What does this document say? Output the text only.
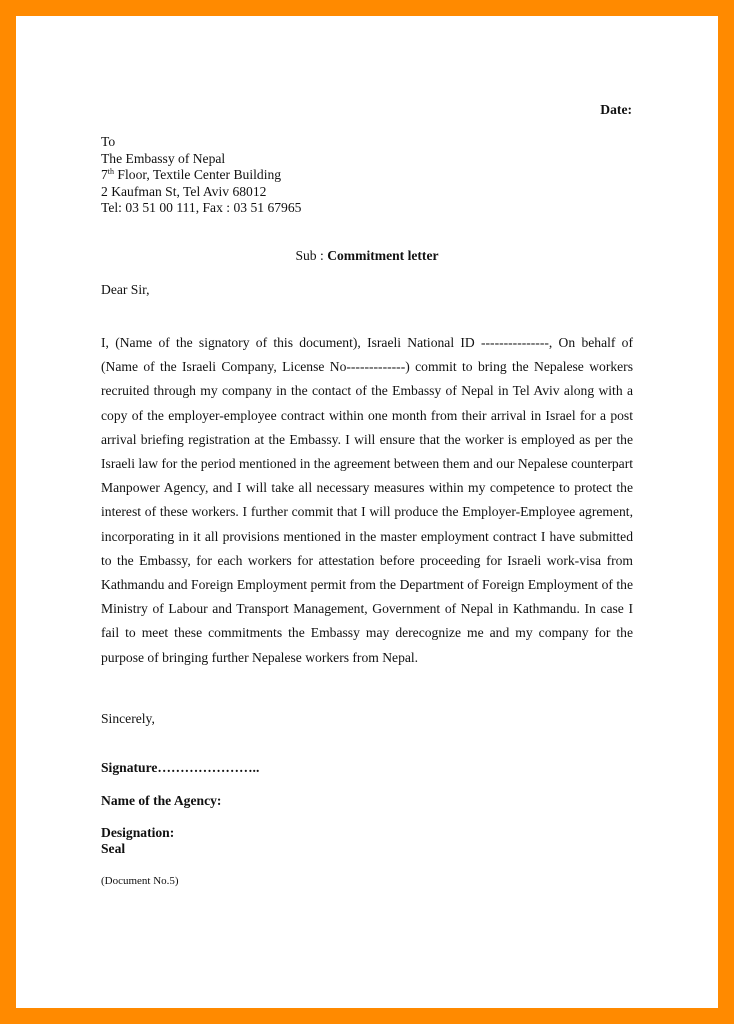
Date:
To
The Embassy of Nepal
7th Floor, Textile Center Building
2 Kaufman St, Tel Aviv 68012
Tel: 03 51 00 111, Fax : 03 51 67965
Sub : Commitment letter
Dear Sir,
I, (Name of the signatory of this document), Israeli National ID ---------------, On behalf of (Name of the Israeli Company, License No-------------) commit to bring the Nepalese workers recruited through my company in the contact of the Embassy of Nepal in Tel Aviv along with a copy of the employer-employee contract within one month from their arrival in Israel for a post arrival briefing registration at the Embassy. I will ensure that the worker is employed as per the Israeli law for the period mentioned in the agreement between them and our Nepalese counterpart Manpower Agency, and I will take all necessary measures within my competence to protect the interest of these workers. I further commit that I will produce the Employer-Employee agrement, incorporating in it all provisions mentioned in the master employment contract I have submitted to the Embassy, for each workers for attestation before proceeding for Israeli work-visa from Kathmandu and Foreign Employment permit from the Department of Foreign Employment of the Ministry of Labour and Transport Management, Government of Nepal in Kathmandu. In case I fail to meet these commitments the Embassy may derecognize me and my company for the purpose of bringing further Nepalese workers from Nepal.
Sincerely,
Signature…………………..
Name of the Agency:
Designation:
Seal
(Document No.5)
